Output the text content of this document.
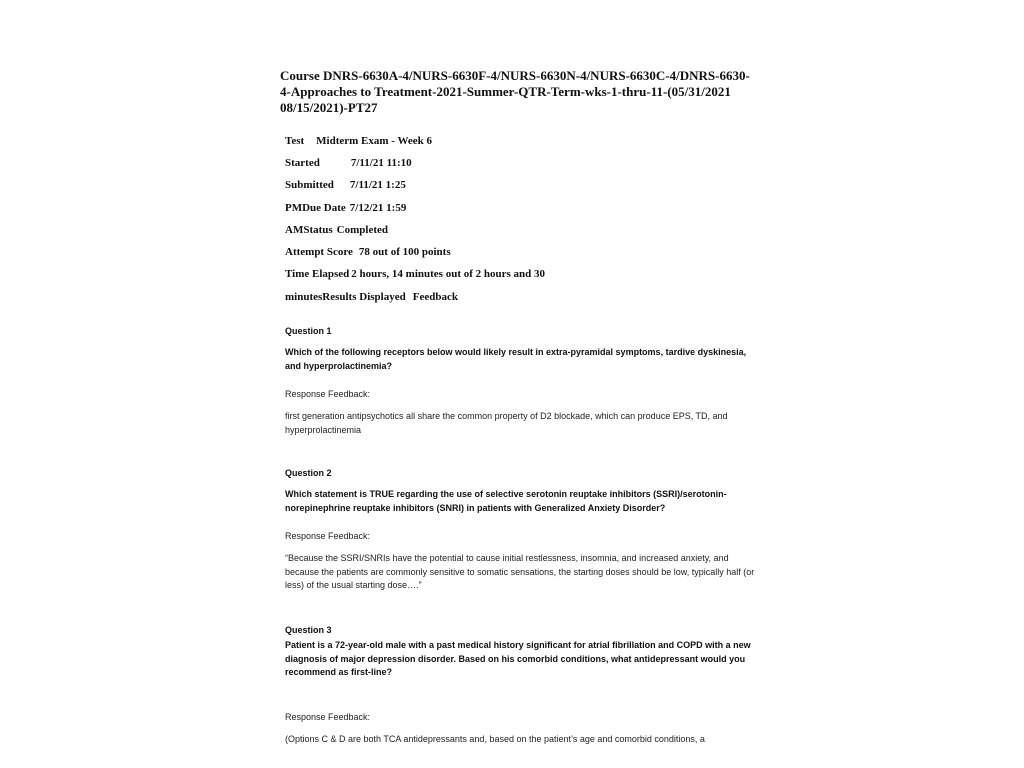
Course DNRS-6630A-4/NURS-6630F-4/NURS-6630N-4/NURS-6630C-4/DNRS-6630-4-Approaches to Treatment-2021-Summer-QTR-Term-wks-1-thru-11-(05/31/2021 08/15/2021)-PT27
Test Midterm Exam - Week 6
Started	7/11/21 11:10
Submitted 7/11/21 1:25
PMDue Date 7/12/21 1:59
AMStatus Completed
Attempt Score 78 out of 100 points
Time Elapsed 2 hours, 14 minutes out of 2 hours and 30
minutesResults Displayed Feedback
Question 1
Which of the following receptors below would likely result in extra-pyramidal symptoms, tardive dyskinesia, and hyperprolactinemia?
Response Feedback:
first generation antipsychotics all share the common property of D2 blockade, which can produce EPS, TD, and hyperprolactinemia
Question 2
Which statement is TRUE regarding the use of selective serotonin reuptake inhibitors (SSRI)/serotonin-norepinephrine reuptake inhibitors (SNRI) in patients with Generalized Anxiety Disorder?
Response Feedback:
“Because the SSRI/SNRIs have the potential to cause initial restlessness, insomnia, and increased anxiety, and because the patients are commonly sensitive to somatic sensations, the starting doses should be low, typically half (or less) of the usual starting dose….”
Question 3
Patient is a 72-year-old male with a past medical history significant for atrial fibrillation and COPD with a new diagnosis of major depression disorder. Based on his comorbid conditions, what antidepressant would you recommend as first-line?
Response Feedback:
(Options C & D are both TCA antidepressants and, based on the patient’s age and comorbid conditions, a
